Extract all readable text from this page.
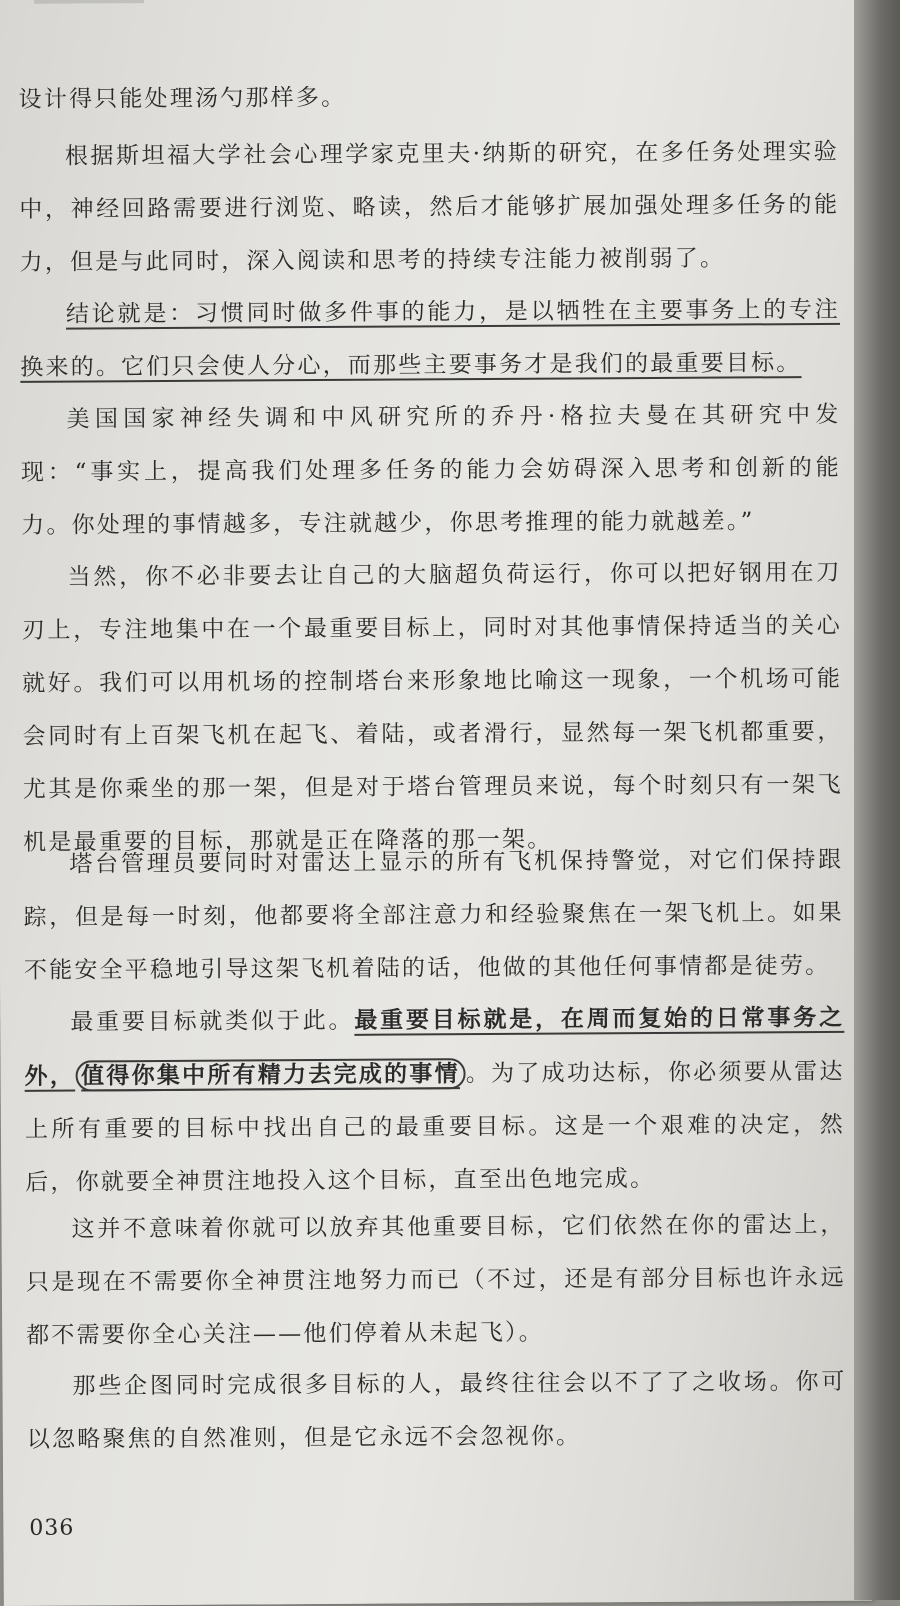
设计得只能处理汤勺那样多。

根据斯坦福大学社会心理学家克里夫·纳斯的研究，在多任务处理实验中，神经回路需要进行浏览、略读，然后才能够扩展加强处理多任务的能力，但是与此同时，深入阅读和思考的持续专注能力被削弱了。

结论就是：习惯同时做多件事的能力，是以牺牲在主要事务上的专注换来的。它们只会使人分心，而那些主要事务才是我们的最重要目标。

美国国家神经失调和中风研究所的乔丹·格拉夫曼在其研究中发现：“事实上，提高我们处理多任务的能力会妨碍深入思考和创新的能力。你处理的事情越多，专注就越少，你思考推理的能力就越差。”

当然，你不必非要去让自己的大脑超负荷运行，你可以把好钢用在刀刃上，专注地集中在一个最重要目标上，同时对其他事情保持适当的关心就好。我们可以用机场的控制塔台来形象地比喻这一现象，一个机场可能会同时有上百架飞机在起飞、着陆，或者滑行，显然每一架飞机都重要，尤其是你乘坐的那一架，但是对于塔台管理员来说，每个时刻只有一架飞机是最重要的目标，那就是正在降落的那一架。

塔台管理员要同时对雷达上显示的所有飞机保持警觉，对它们保持跟踪，但是每一时刻，他都要将全部注意力和经验聚焦在一架飞机上。如果不能安全平稳地引导这架飞机着陆的话，他做的其他任何事情都是徒劳。

最重要目标就类似于此。最重要目标就是，在周而复始的日常事务之外， 值得你集中所有精力去完成的事情 。为了成功达标，你必须要从雷达上所有重要的目标中找出自己的最重要目标。这是一个艰难的决定，然后，你就要全神贯注地投入这个目标，直至出色地完成。

这并不意味着你就可以放弃其他重要目标，它们依然在你的雷达上，只是现在不需要你全神贯注地努力而已（不过，还是有部分目标也许永远都不需要你全心关注——他们停着从未起飞）。

那些企图同时完成很多目标的人，最终往往会以不了了之收场。你可以忽略聚焦的自然准则，但是它永远不会忽视你。

036
